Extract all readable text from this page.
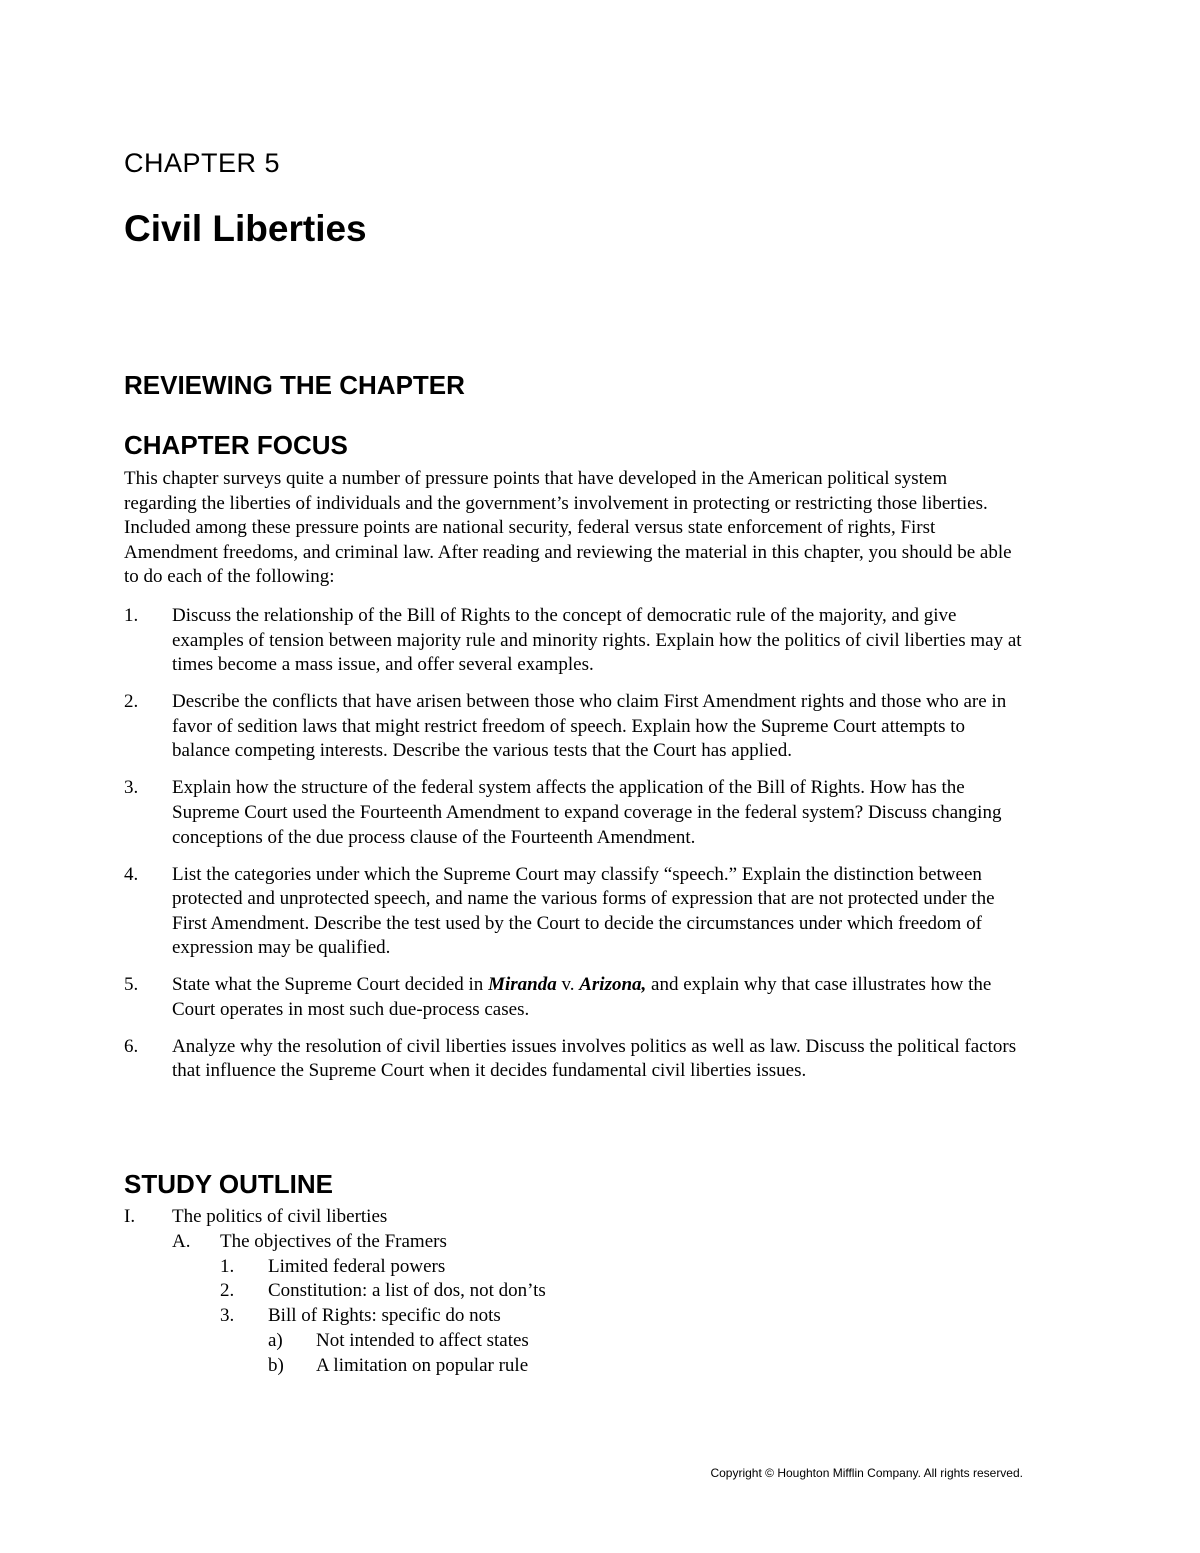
CHAPTER 5
Civil Liberties
REVIEWING THE CHAPTER
CHAPTER FOCUS

This chapter surveys quite a number of pressure points that have developed in the American political system regarding the liberties of individuals and the government’s involvement in protecting or restricting those liberties. Included among these pressure points are national security, federal versus state enforcement of rights, First Amendment freedoms, and criminal law. After reading and reviewing the material in this chapter, you should be able to do each of the following:

1. Discuss the relationship of the Bill of Rights to the concept of democratic rule of the majority, and give examples of tension between majority rule and minority rights. Explain how the politics of civil liberties may at times become a mass issue, and offer several examples.
2. Describe the conflicts that have arisen between those who claim First Amendment rights and those who are in favor of sedition laws that might restrict freedom of speech. Explain how the Supreme Court attempts to balance competing interests. Describe the various tests that the Court has applied.
3. Explain how the structure of the federal system affects the application of the Bill of Rights. How has the Supreme Court used the Fourteenth Amendment to expand coverage in the federal system? Discuss changing conceptions of the due process clause of the Fourteenth Amendment.
4. List the categories under which the Supreme Court may classify “speech.” Explain the distinction between protected and unprotected speech, and name the various forms of expression that are not protected under the First Amendment. Describe the test used by the Court to decide the circumstances under which freedom of expression may be qualified.
5. State what the Supreme Court decided in Miranda v. Arizona, and explain why that case illustrates how the Court operates in most such due-process cases.
6. Analyze why the resolution of civil liberties issues involves politics as well as law. Discuss the political factors that influence the Supreme Court when it decides fundamental civil liberties issues.
STUDY OUTLINE
I. The politics of civil liberties
A. The objectives of the Framers
1. Limited federal powers
2. Constitution: a list of dos, not don’ts
3. Bill of Rights: specific do nots
a) Not intended to affect states
b) A limitation on popular rule

Copyright © Houghton Mifflin Company. All rights reserved.
